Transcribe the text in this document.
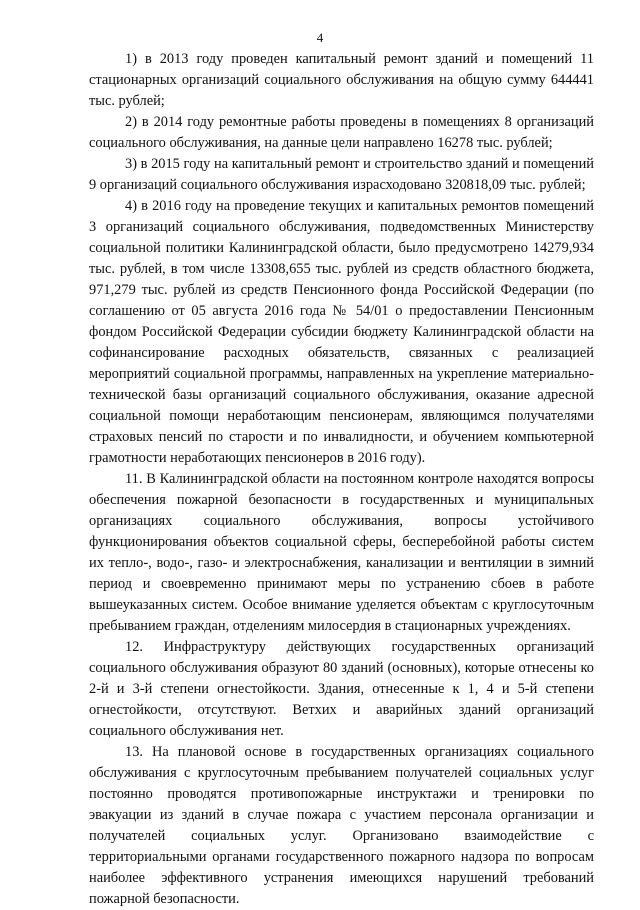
4

1) в 2013 году проведен капитальный ремонт зданий и помещений 11 стационарных организаций социального обслуживания на общую сумму 644441 тыс. рублей;

2) в 2014 году ремонтные работы проведены в помещениях 8 организаций социального обслуживания, на данные цели направлено 16278 тыс. рублей;

3) в 2015 году на капитальный ремонт и строительство зданий и помещений 9 организаций социального обслуживания израсходовано 320818,09 тыс. рублей;

4) в 2016 году на проведение текущих и капитальных ремонтов помещений 3 организаций социального обслуживания, подведомственных Министерству социальной политики Калининградской области, было предусмотрено 14279,934 тыс. рублей, в том числе 13308,655 тыс. рублей из средств областного бюджета, 971,279 тыс. рублей из средств Пенсионного фонда Российской Федерации (по соглашению от 05 августа 2016 года № 54/01 о предоставлении Пенсионным фондом Российской Федерации субсидии бюджету Калининградской области на софинансирование расходных обязательств, связанных с реализацией мероприятий социальной программы, направленных на укрепление материально-технической базы организаций социального обслуживания, оказание адресной социальной помощи неработающим пенсионерам, являющимся получателями страховых пенсий по старости и по инвалидности, и обучением компьютерной грамотности неработающих пенсионеров в 2016 году).

11. В Калининградской области на постоянном контроле находятся вопросы обеспечения пожарной безопасности в государственных и муниципальных организациях социального обслуживания, вопросы устойчивого функционирования объектов социальной сферы, бесперебойной работы систем их тепло-, водо-, газо- и электроснабжения, канализации и вентиляции в зимний период и своевременно принимают меры по устранению сбоев в работе вышеуказанных систем. Особое внимание уделяется объектам с круглосуточным пребыванием граждан, отделениям милосердия в стационарных учреждениях.

12. Инфраструктуру действующих государственных организаций социального обслуживания образуют 80 зданий (основных), которые отнесены ко 2-й и 3-й степени огнестойкости. Здания, отнесенные к 1, 4 и 5-й степени огнестойкости, отсутствуют. Ветхих и аварийных зданий организаций социального обслуживания нет.

13. На плановой основе в государственных организациях социального обслуживания с круглосуточным пребыванием получателей социальных услуг постоянно проводятся противопожарные инструктажи и тренировки по эвакуации из зданий в случае пожара с участием персонала организации и получателей социальных услуг. Организовано взаимодействие с территориальными органами государственного пожарного надзора по вопросам наиболее эффективного устранения имеющихся нарушений требований пожарной безопасности.
